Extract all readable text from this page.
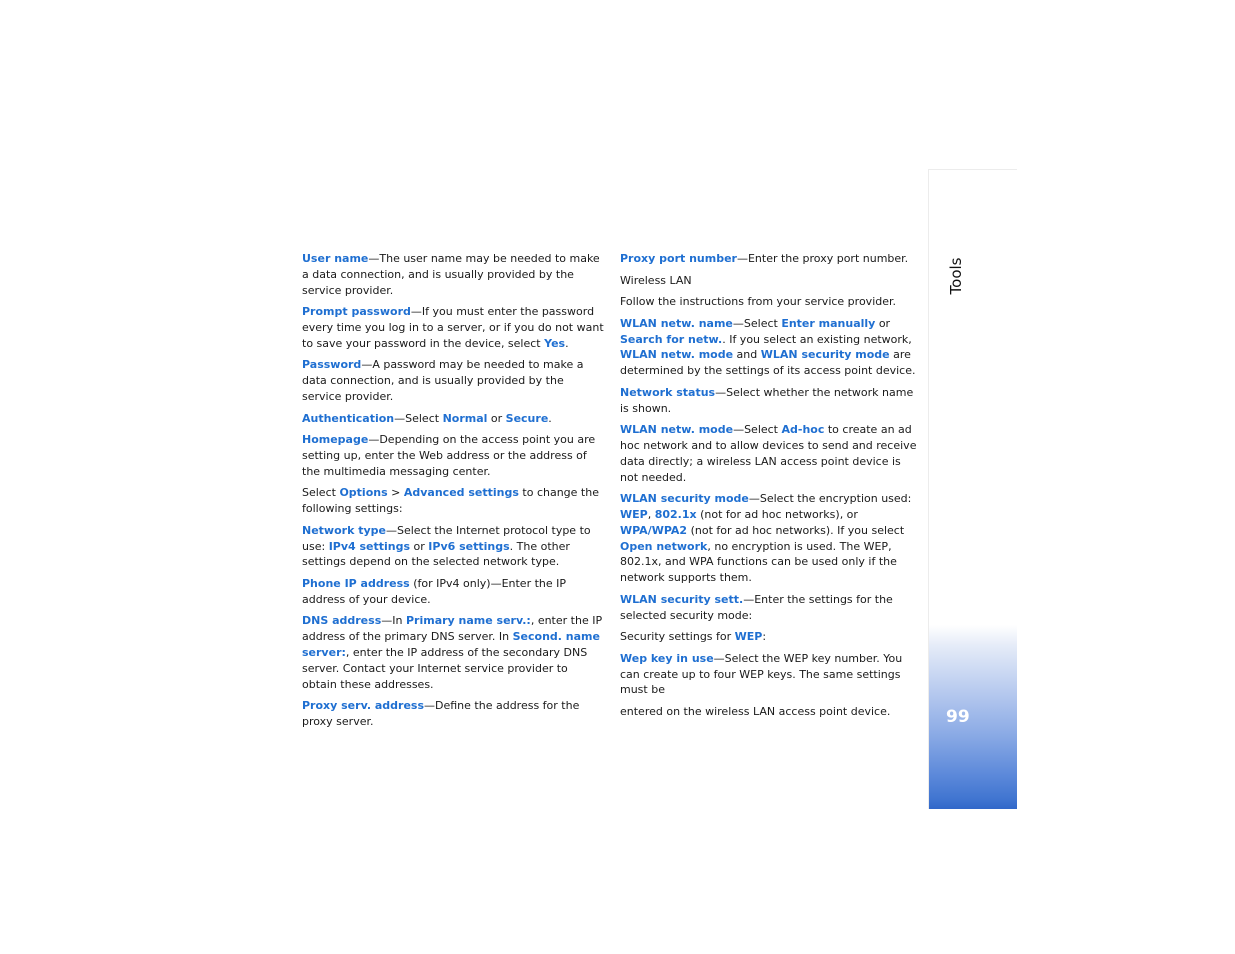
User name—The user name may be needed to make a data connection, and is usually provided by the service provider.

Prompt password—If you must enter the password every time you log in to a server, or if you do not want to save your password in the device, select Yes.

Password—A password may be needed to make a data connection, and is usually provided by the service provider.

Authentication—Select Normal or Secure.

Homepage—Depending on the access point you are setting up, enter the Web address or the address of the multimedia messaging center.

Select Options > Advanced settings to change the following settings:

Network type—Select the Internet protocol type to use: IPv4 settings or IPv6 settings. The other settings depend on the selected network type.

Phone IP address (for IPv4 only)—Enter the IP address of your device.

DNS address—In Primary name serv.:, enter the IP address of the primary DNS server. In Second. name server:, enter the IP address of the secondary DNS server. Contact your Internet service provider to obtain these addresses.

Proxy serv. address—Define the address for the proxy server.

Proxy port number—Enter the proxy port number.

Wireless LAN

Follow the instructions from your service provider.

WLAN netw. name—Select Enter manually or Search for netw.. If you select an existing network, WLAN netw. mode and WLAN security mode are determined by the settings of its access point device.

Network status—Select whether the network name is shown.

WLAN netw. mode—Select Ad-hoc to create an ad hoc network and to allow devices to send and receive data directly; a wireless LAN access point device is not needed.

WLAN security mode—Select the encryption used: WEP, 802.1x (not for ad hoc networks), or WPA/WPA2 (not for ad hoc networks). If you select Open network, no encryption is used. The WEP, 802.1x, and WPA functions can be used only if the network supports them.

WLAN security sett.—Enter the settings for the selected security mode:

Security settings for WEP:

Wep key in use—Select the WEP key number. You can create up to four WEP keys. The same settings must be

entered on the wireless LAN access point device.

Tools
99
